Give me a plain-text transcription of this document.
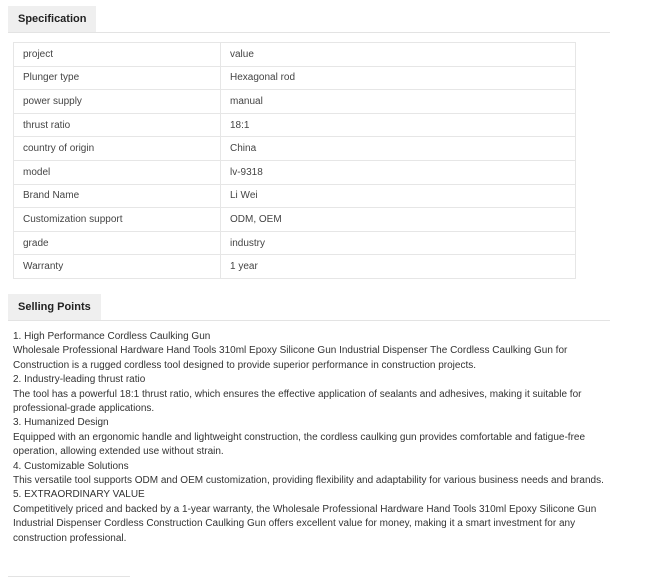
Specification
project	value
Plunger type	Hexagonal rod
power supply	manual
thrust ratio	18:1
country of origin	China
model	lv-9318
Brand Name	Li Wei
Customization support	ODM, OEM
grade	industry
Warranty	1 year
Selling Points

1. High Performance Cordless Caulking Gun

Wholesale Professional Hardware Hand Tools 310ml Epoxy Silicone Gun Industrial Dispenser The Cordless Caulking Gun for Construction is a rugged cordless tool designed to provide superior performance in construction projects.

2. Industry-leading thrust ratio

The tool has a powerful 18:1 thrust ratio, which ensures the effective application of sealants and adhesives, making it suitable for professional-grade applications.

3. Humanized Design

Equipped with an ergonomic handle and lightweight construction, the cordless caulking gun provides comfortable and fatigue-free operation, allowing extended use without strain.

4. Customizable Solutions

This versatile tool supports ODM and OEM customization, providing flexibility and adaptability for various business needs and brands.

5. EXTRAORDINARY VALUE

Competitively priced and backed by a 1-year warranty, the Wholesale Professional Hardware Hand Tools 310ml Epoxy Silicone Gun Industrial Dispenser Cordless Construction Caulking Gun offers excellent value for money, making it a smart investment for any construction professional.
